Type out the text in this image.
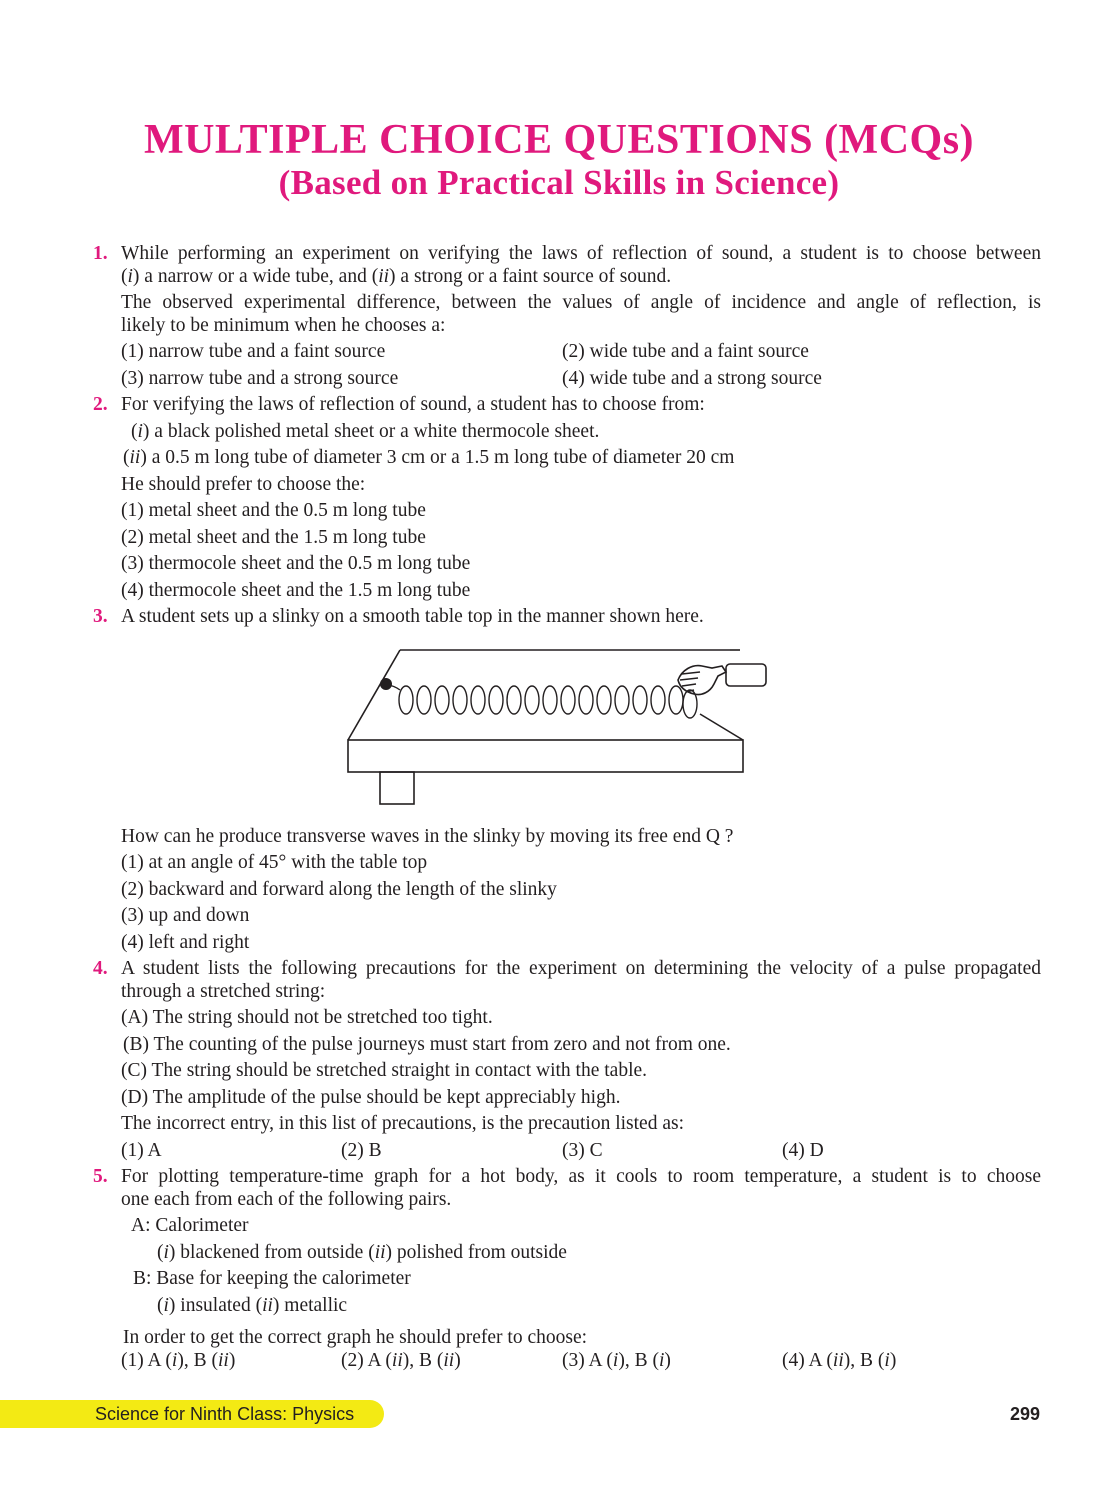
MULTIPLE CHOICE QUESTIONS (MCQs)
(Based on Practical Skills in Science)
1. While performing an experiment on verifying the laws of reflection of sound, a student is to choose between
(i) a narrow or a wide tube, and (ii) a strong or a faint source of sound.
The observed experimental difference, between the values of angle of incidence and angle of reflection, is
likely to be minimum when he chooses a:
(1) narrow tube and a faint source	(2) wide tube and a faint source
(3) narrow tube and a strong source	(4) wide tube and a strong source
2. For verifying the laws of reflection of sound, a student has to choose from:
(i) a black polished metal sheet or a white thermocole sheet.
(ii) a 0.5 m long tube of diameter 3 cm or a 1.5 m long tube of diameter 20 cm
He should prefer to choose the:
(1) metal sheet and the 0.5 m long tube
(2) metal sheet and the 1.5 m long tube
(3) thermocole sheet and the 0.5 m long tube
(4) thermocole sheet and the 1.5 m long tube
3. A student sets up a slinky on a smooth table top in the manner shown here.
How can he produce transverse waves in the slinky by moving its free end Q ?
(1) at an angle of 45° with the table top
(2) backward and forward along the length of the slinky
(3) up and down
(4) left and right
4. A student lists the following precautions for the experiment on determining the velocity of a pulse propagated
through a stretched string:
(A) The string should not be stretched too tight.
(B) The counting of the pulse journeys must start from zero and not from one.
(C) The string should be stretched straight in contact with the table.
(D) The amplitude of the pulse should be kept appreciably high.
The incorrect entry, in this list of precautions, is the precaution listed as:
(1) A	(2) B	(3) C	(4) D
5. For plotting temperature-time graph for a hot body, as it cools to room temperature, a student is to choose
one each from each of the following pairs.
A: Calorimeter
(i) blackened from outside (ii) polished from outside
B: Base for keeping the calorimeter
(i) insulated (ii) metallic
In order to get the correct graph he should prefer to choose:
(1) A (i), B (ii)	(2) A (ii), B (ii)	(3) A (i), B (i)	(4) A (ii), B (i)
Science for Ninth Class: Physics	299
